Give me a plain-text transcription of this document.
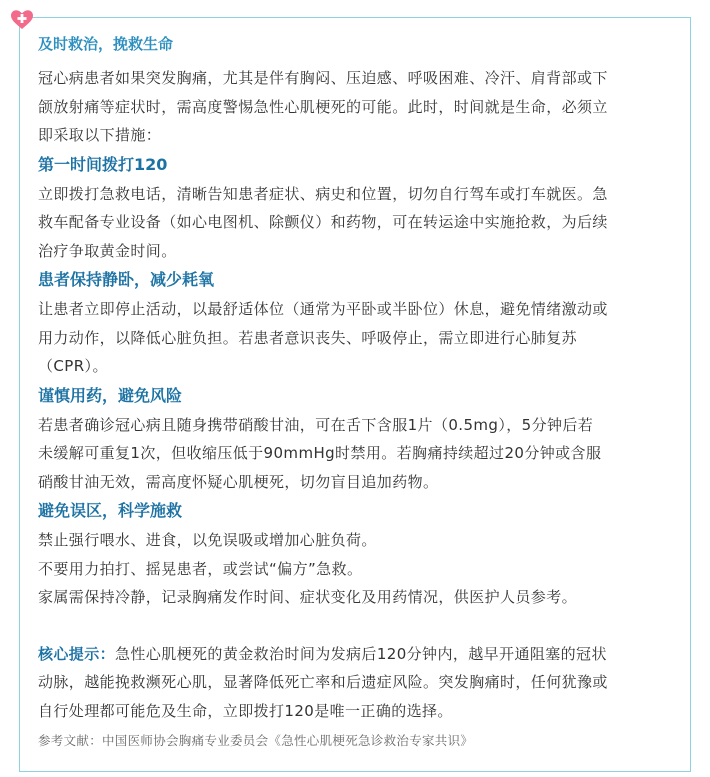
及时救治，挽救生命

冠心病患者如果突发胸痛，尤其是伴有胸闷、压迫感、呼吸困难、冷汗、肩背部或下

颌放射痛等症状时，需高度警惕急性心肌梗死的可能。此时，时间就是生命，必须立

即采取以下措施：

第一时间拨打120

立即拨打急救电话，清晰告知患者症状、病史和位置，切勿自行驾车或打车就医。急

救车配备专业设备（如心电图机、除颤仪）和药物，可在转运途中实施抢救，为后续

治疗争取黄金时间。

患者保持静卧，减少耗氧

让患者立即停止活动，以最舒适体位（通常为平卧或半卧位）休息，避免情绪激动或

用力动作，以降低心脏负担。若患者意识丧失、呼吸停止，需立即进行心肺复苏

（CPR）。

谨慎用药，避免风险

若患者确诊冠心病且随身携带硝酸甘油，可在舌下含服1片（0.5mg），5分钟后若

未缓解可重复1次，但收缩压低于90mmHg时禁用。若胸痛持续超过20分钟或含服

硝酸甘油无效，需高度怀疑心肌梗死，切勿盲目追加药物。

避免误区，科学施救

禁止强行喂水、进食，以免误吸或增加心脏负荷。

不要用力拍打、摇晃患者，或尝试“偏方”急救。

家属需保持冷静，记录胸痛发作时间、症状变化及用药情况，供医护人员参考。

核心提示：急性心肌梗死的黄金救治时间为发病后120分钟内，越早开通阻塞的冠状

动脉，越能挽救濒死心肌，显著降低死亡率和后遗症风险。突发胸痛时，任何犹豫或

自行处理都可能危及生命，立即拨打120是唯一正确的选择。

参考文献：中国医师协会胸痛专业委员会《急性心肌梗死急诊救治专家共识》
